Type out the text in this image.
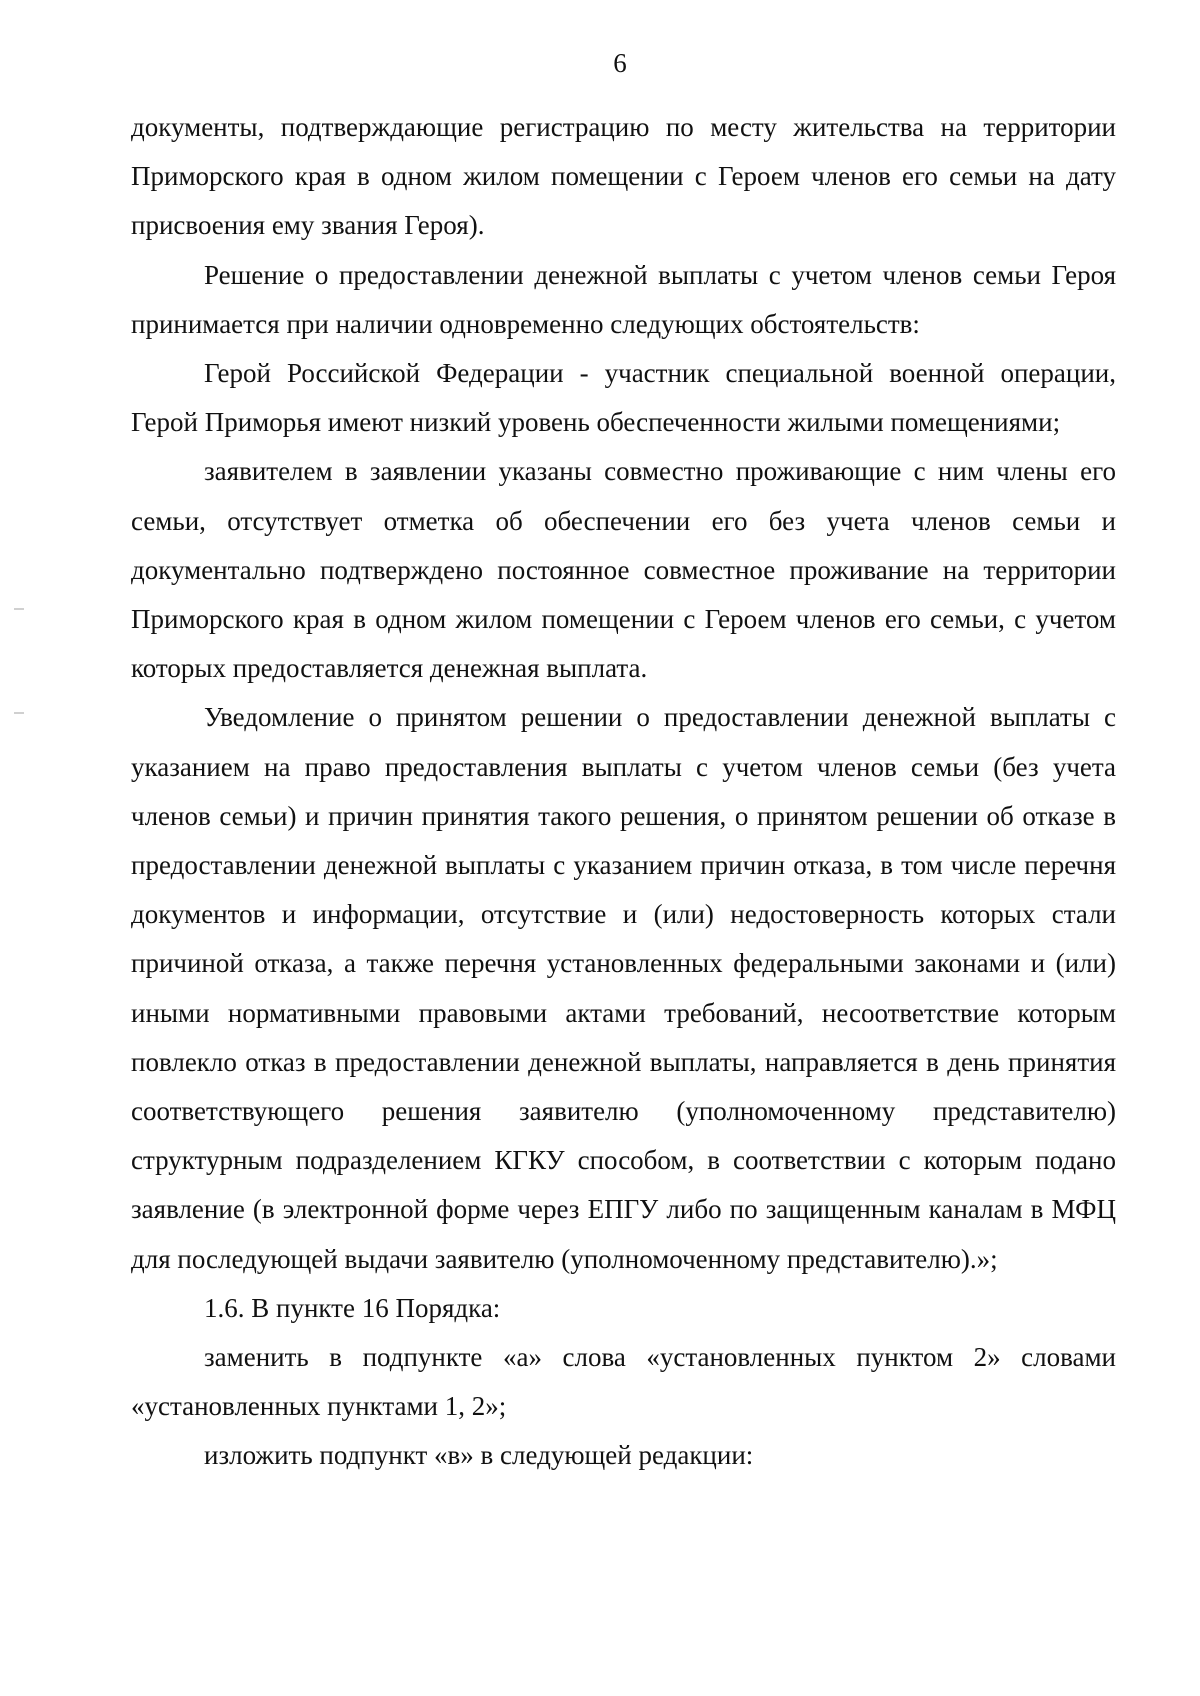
6

документы, подтверждающие регистрацию по месту жительства на территории Приморского края в одном жилом помещении с Героем членов его семьи на дату присвоения ему звания Героя).

Решение о предоставлении денежной выплаты с учетом членов семьи Героя принимается при наличии одновременно следующих обстоятельств:

Герой Российской Федерации - участник специальной военной операции, Герой Приморья имеют низкий уровень обеспеченности жилыми помещениями;

заявителем в заявлении указаны совместно проживающие с ним члены его семьи, отсутствует отметка об обеспечении его без учета членов семьи и документально подтверждено постоянное совместное проживание на территории Приморского края в одном жилом помещении с Героем членов его семьи, с учетом которых предоставляется денежная выплата.

Уведомление о принятом решении о предоставлении денежной выплаты с указанием на право предоставления выплаты с учетом членов семьи (без учета членов семьи) и причин принятия такого решения, о принятом решении об отказе в предоставлении денежной выплаты с указанием причин отказа, в том числе перечня документов и информации, отсутствие и (или) недостоверность которых стали причиной отказа, а также перечня установленных федеральными законами и (или) иными нормативными правовыми актами требований, несоответствие которым повлекло отказ в предоставлении денежной выплаты, направляется в день принятия соответствующего решения заявителю (уполномоченному представителю) структурным подразделением КГКУ способом, в соответствии с которым подано заявление (в электронной форме через ЕПГУ либо по защищенным каналам в МФЦ для последующей выдачи заявителю (уполномоченному представителю).»;

1.6. В пункте 16 Порядка:

заменить в подпункте «а» слова «установленных пунктом 2» словами «установленных пунктами 1, 2»;

изложить подпункт «в» в следующей редакции:
